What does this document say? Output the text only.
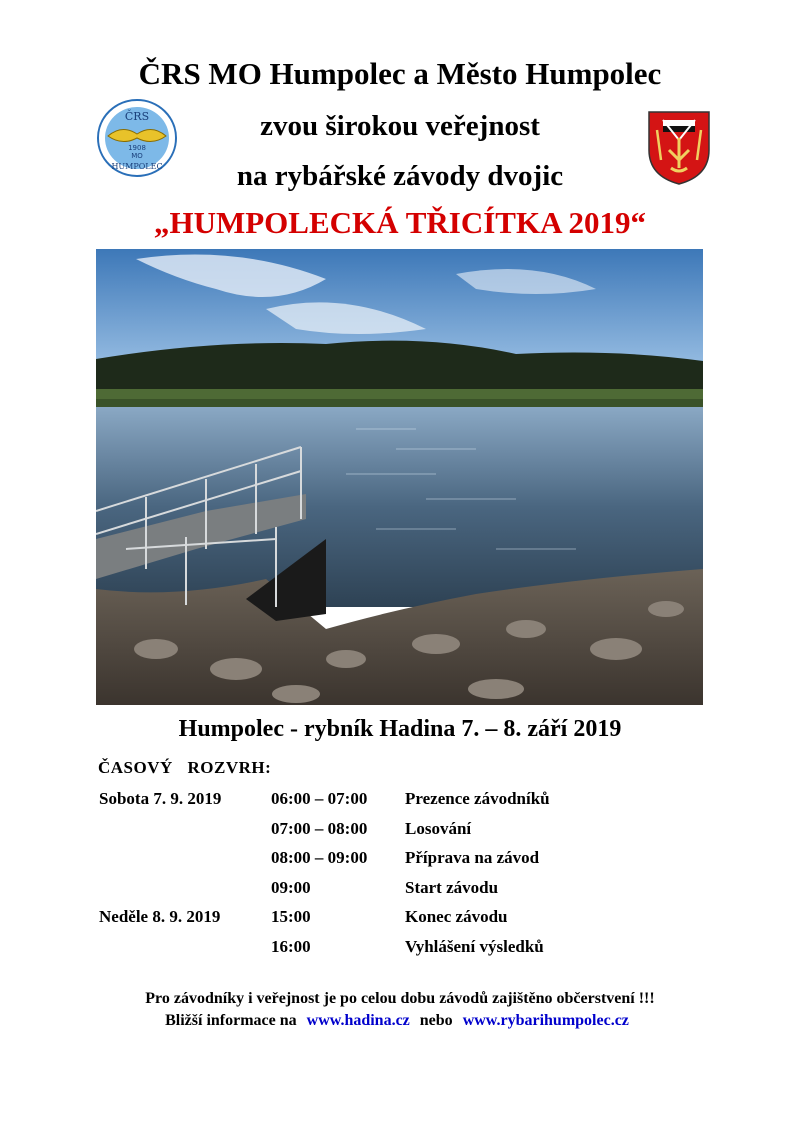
ČRS MO Humpolec a Město Humpolec
zvou širokou veřejnost
na rybářské závody dvojic
„HUMPOLECKÁ TŘICÍTKA 2019“
ČRS
1908
MO
HUMPOLEC
Humpolec - rybník Hadina 7. – 8. září 2019
ČASOVÝ ROZVRH:
Sobota 7. 9. 2019	06:00 – 07:00 Prezence závodníků
07:00 – 08:00 Losování
08:00 – 09:00 Příprava na závod
09:00	Start závodu
Neděle 8. 9. 2019	15:00	Konec závodu
16:00	Vyhlášení výsledků
Pro závodníky i veřejnost je po celou dobu závodů zajištěno občerstvení !!!
Bližší informace na www.hadina.cz nebo www.rybarihumpolec.cz
